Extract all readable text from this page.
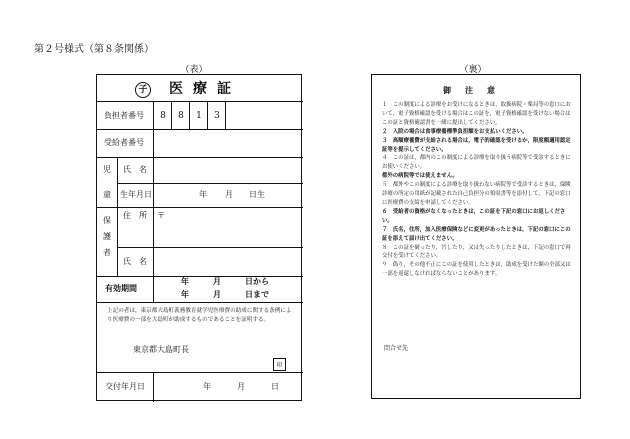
第２号様式（第８条関係）
（表）	（裏）
子 医療証
負担者番号	8	8	1	3
受給者番号
児
童
氏　名
生年月日	年 月 日生
保
護
者
住　所 〒
氏　名
有効期間
年	月	日から
年	月	日まで
上記の者は，東京都大島町義務教育就学児医療費の助成に関する条例により医療費の一部を大島町が助成するものであることを証明する。
東京都大島町長
印
交付年月日	年	月	日
御注意

１　この制度による診療をお受けになるときは，取扱病院・薬局等の窓口において，電子資格確認を受ける場合はこの証を，電子資格確認を受けない場合はこの証と資格確認書を一緒に提出してください。

２　入院の場合は食事療養標準負担額をお支払いください。

３　高額療養費が支給される場合は，電子的確認を受けるか，限度額適用認定証等を提示してください。

４　この証は，都内のこの制度による診療を取り扱う病院等で受診するときにお使いください。

都外の病院等では使えません。

５　都外やこの制度による診療を取り扱わない病院等で受診するときは，保険診療の所定の用紙が記載された自己負担分の領収書等を添付して，下記の窓口に医療費の支給を申請してください。

６　受給者の資格がなくなったときは，この証を下記の窓口にお返しください。

７　氏名，住所，加入医療保険などに変更があったときは，下記の窓口にこの証を添えて届け出てください。

８　この証を破ったり，汚したり，又は失ったりしたときは，下記の窓口で再交付を受けてください。

９　偽り，その他不正にこの証を使用したときは，助成を受けた額の全部又は一部を返還しなければならないことがあります。

問合せ先
